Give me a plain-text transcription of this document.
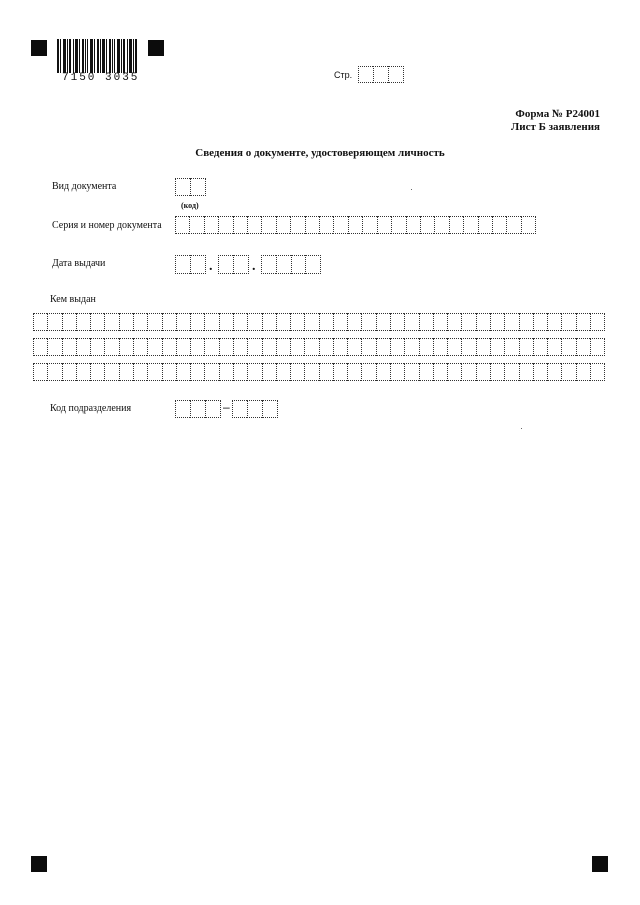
7150 3035	Стр.
Форма № Р24001
Лист Б заявления
Сведения о документе, удостоверяющем личность
Вид документа
(код)
Серия и номер документа
Дата выдачи	.	.
Кем выдан
Код подразделения	–
